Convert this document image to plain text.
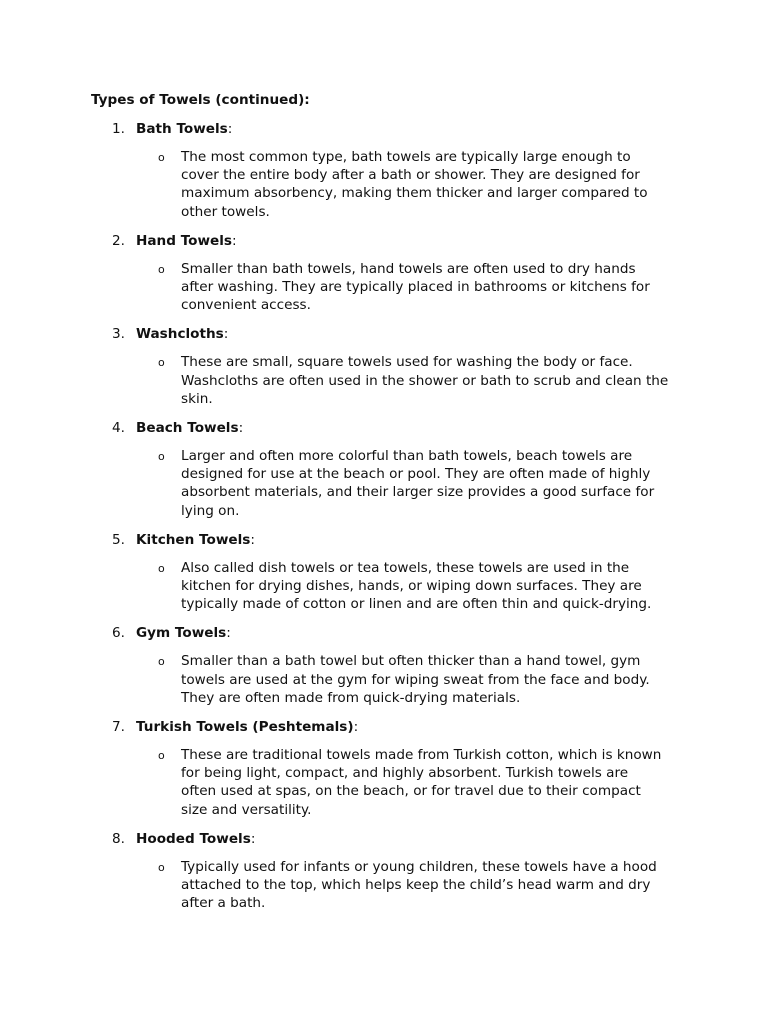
Types of Towels (continued):

1. Bath Towels:
o The most common type, bath towels are typically large enough to
cover the entire body after a bath or shower. They are designed for
maximum absorbency, making them thicker and larger compared to
other towels.
2. Hand Towels:
o Smaller than bath towels, hand towels are often used to dry hands
after washing. They are typically placed in bathrooms or kitchens for
convenient access.
3. Washcloths:
o These are small, square towels used for washing the body or face.
Washcloths are often used in the shower or bath to scrub and clean the
skin.
4. Beach Towels:
o Larger and often more colorful than bath towels, beach towels are
designed for use at the beach or pool. They are often made of highly
absorbent materials, and their larger size provides a good surface for
lying on.
5. Kitchen Towels:
o Also called dish towels or tea towels, these towels are used in the
kitchen for drying dishes, hands, or wiping down surfaces. They are
typically made of cotton or linen and are often thin and quick-drying.
6. Gym Towels:
o Smaller than a bath towel but often thicker than a hand towel, gym
towels are used at the gym for wiping sweat from the face and body.
They are often made from quick-drying materials.
7. Turkish Towels (Peshtemals):
o These are traditional towels made from Turkish cotton, which is known
for being light, compact, and highly absorbent. Turkish towels are
often used at spas, on the beach, or for travel due to their compact
size and versatility.
8. Hooded Towels:
o Typically used for infants or young children, these towels have a hood
attached to the top, which helps keep the child’s head warm and dry
after a bath.
